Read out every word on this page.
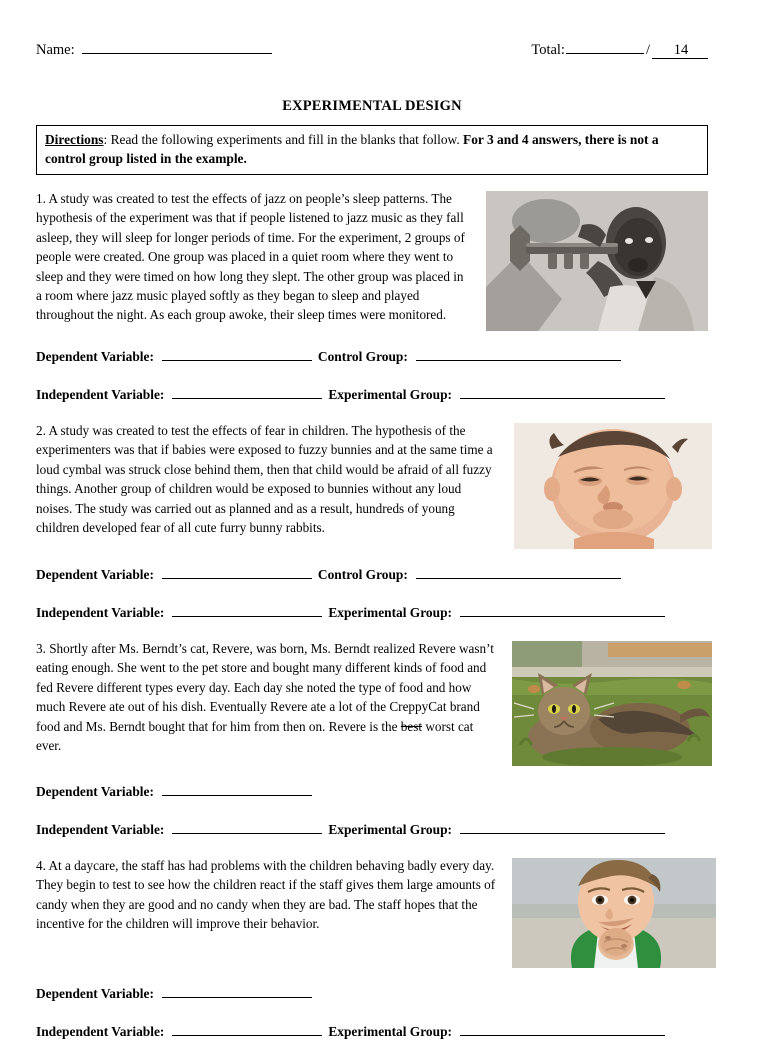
Name:	Total:	/	14
EXPERIMENTAL DESIGN
Directions: Read the following experiments and fill in the blanks that follow. For 3 and 4 answers, there is not a control group listed in the example.

1. A study was created to test the effects of jazz on people’s sleep patterns. The hypothesis of the experiment was that if people listened to jazz music as they fall asleep, they will sleep for longer periods of time. For the experiment, 2 groups of people were created. One group was placed in a quiet room where they went to sleep and they were timed on how long they slept. The other group was placed in a room where jazz music played softly as they began to sleep and played throughout the night. As each group awoke, their sleep times were monitored.

Dependent Variable:	Control Group:
Independent Variable:	Experimental Group:

2. A study was created to test the effects of fear in children. The hypothesis of the experimenters was that if babies were exposed to fuzzy bunnies and at the same time a loud cymbal was struck close behind them, then that child would be afraid of all fuzzy things. Another group of children would be exposed to bunnies without any loud noises. The study was carried out as planned and as a result, hundreds of young children developed fear of all cute furry bunny rabbits.

Dependent Variable:	Control Group:
Independent Variable:	Experimental Group:

3. Shortly after Ms. Berndt’s cat, Revere, was born, Ms. Berndt realized Revere wasn’t eating enough. She went to the pet store and bought many different kinds of food and fed Revere different types every day. Each day she noted the type of food and how much Revere ate out of his dish. Eventually Revere ate a lot of the CreppyCat brand food and Ms. Berndt bought that for him from then on. Revere is the best worst cat ever.

Dependent Variable:
Independent Variable:	Experimental Group:

4. At a daycare, the staff has had problems with the children behaving badly every day. They begin to test to see how the children react if the staff gives them large amounts of candy when they are good and no candy when they are bad. The staff hopes that the incentive for the children will improve their behavior.

Dependent Variable:
Independent Variable:	Experimental Group:
